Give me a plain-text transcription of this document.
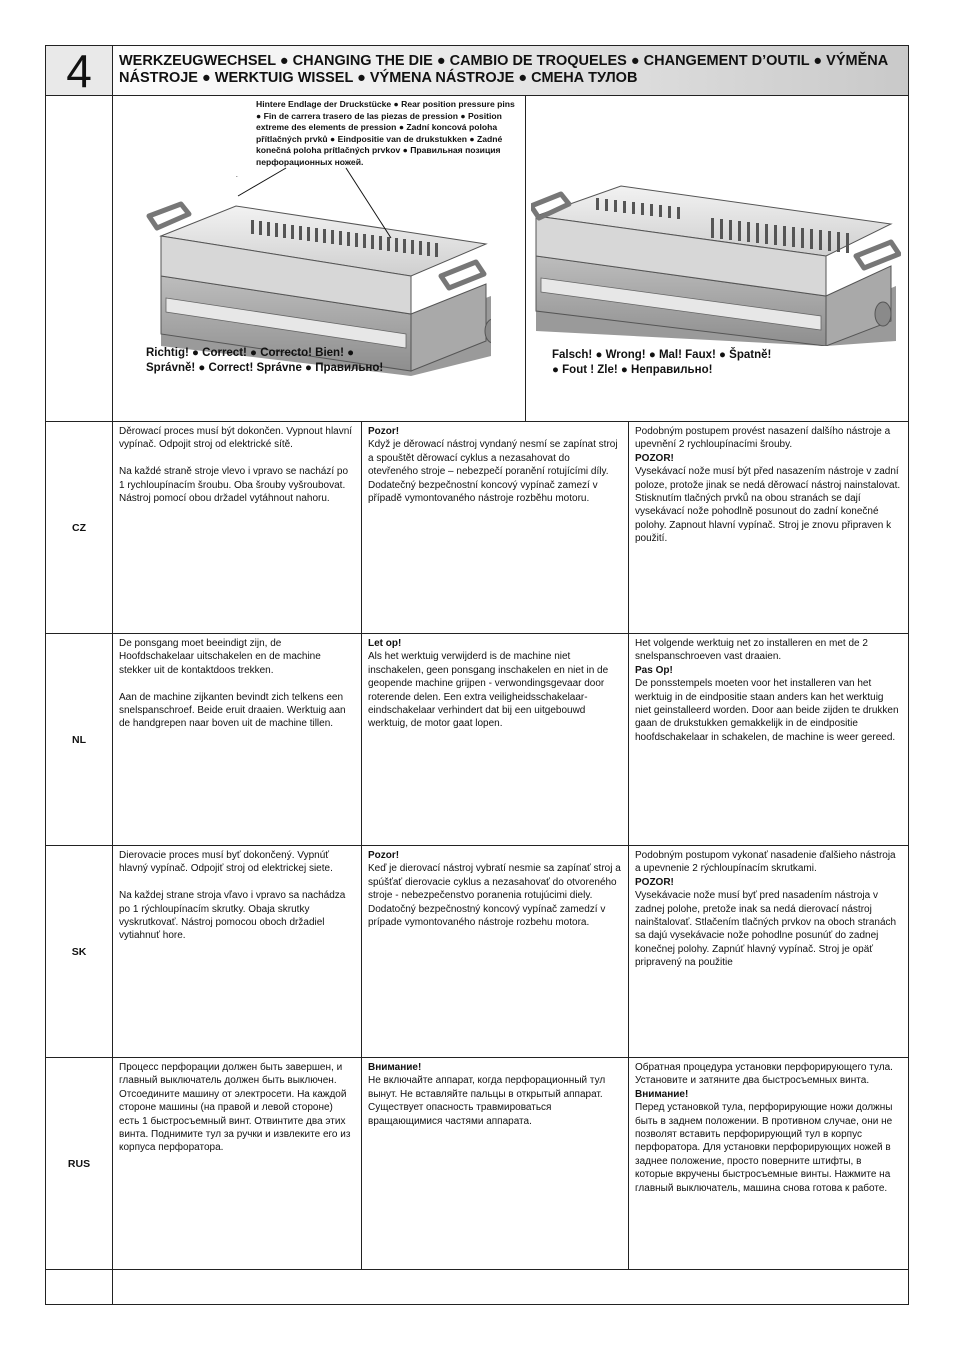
4 WERKZEUGWECHSEL ● CHANGING THE DIE ● CAMBIO DE TROQUELES ● CHANGEMENT D’OUTIL ● VÝMĚNA NÁSTROJE ● WERKTUIG WISSEL ● VÝMENA NÁSTROJE ● СМЕНА ТУЛОВ
Hintere Endlage der Druckstücke ● Rear position pressure pins ● Fin de carrera trasero de las piezas de pression ● Position extreme des elements de pression ● Zadní koncová poloha přítlačných prvků ● Eindpositie van de drukstukken ● Zadné konečná poloha prítlačných prvkov ● Правильная позиция перфорационных ножей.
Richtig! ● Correct! ● Correcto! Bien! ● Správně! ● Correct! Správne ● Правильно!
Falsch! ● Wrong! ● Mal! Faux! ● Špatně! ● Fout ! Zle! ● Неправильно!
CZ

Děrowací proces musí být dokončen. Vypnout hlavní vypínač. Odpojit stroj od elektrické sítě.

Na každé straně stroje vlevo i vpravo se nachází po 1 rychloupínacím šroubu. Oba šrouby vyšroubovat. Nástroj pomocí obou držadel vytáhnout nahoru.

Pozor!
Když je děrowací nástroj vyndaný nesmí se zapínat stroj a spouštět děrowací cyklus a nezasahovat do otevřeného stroje – nebezpečí poranění rotujícími díly. Dodatečný bezpečnostní koncový vypínač zamezí v případě vymontovaného nástroje rozběhu motoru.
Podobným postupem provést nasazení dalšího nástroje a upevnění 2 rychloupínacími šrouby.
POZOR!
Vysekávací nože musí být před nasazením nástroje v zadní poloze, protože jinak se nedá děrowací nástroj nainstalovat. Stisknutím tlačných prvků na obou stranách se dají vysekávací nože pohodlně posunout do zadní konečné polohy. Zapnout hlavní vypínač. Stroj je znovu připraven k použití.
NL

De ponsgang moet beeindigt zijn, de Hoofdschakelaar uitschakelen en de machine stekker uit de kontaktdoos trekken.

Aan de machine zijkanten bevindt zich telkens een snelspanschroef. Beide eruit draaien. Werktuig aan de handgrepen naar boven uit de machine tillen.

Let op!
Als het werktuig verwijderd is de machine niet inschakelen, geen ponsgang inschakelen en niet in de geopende machine grijpen - verwondingsgevaar door roterende delen. Een extra veiligheidsschakelaar- eindschakelaar verhindert dat bij een uitgebouwd werktuig, de motor gaat lopen.
Het volgende werktuig net zo installeren en met de 2 snelspanschroeven vast draaien.
Pas Op!
De ponsstempels moeten voor het installeren van het werktuig in de eindpositie staan anders kan het werktuig niet geinstalleerd worden. Door aan beide zijden te drukken gaan de drukstukken gemakkelijk in de eindpositie hoofdschakelaar in schakelen, de machine is weer gereed.
SK

Dierovacie proces musí byť dokončený. Vypnúť hlavný vypínač. Odpojiť stroj od elektrickej siete.

Na každej strane stroja vľavo i vpravo sa nachádza po 1 rýchloupínacím skrutky. Obaja skrutky vyskrutkovať. Nástroj pomocou oboch držadiel vytiahnuť hore.

Pozor!
Keď je dierovací nástroj vybratí nesmie sa zapínať stroj a spúšťať dierovacie cyklus a nezasahovať do otvoreného stroje - nebezpečenstvo poranenia rotujúcimi diely. Dodatočný bezpečnostný koncový vypínač zamedzí v prípade vymontovaného nástroje rozbehu motora.
Podobným postupom vykonať nasadenie ďalšieho nástroja a upevnenie 2 rýchloupínacím skrutkami.
POZOR!
Vysekávacie nože musí byť pred nasadením nástroja v zadnej polohe, pretože inak sa nedá dierovací nástroj nainštalovať. Stlačením tlačných prvkov na oboch stranách sa dajú vysekávacie nože pohodlne posunúť do zadnej konečnej polohy. Zapnúť hlavný vypínač. Stroj je opäť pripravený na použitie
RUS

Процесс перфорации должен быть завершен, и главный выключатель должен быть выключен. Отсоедините машину от электросети. На каждой стороне машины (на правой и левой стороне) есть 1 быстросъемный винт. Отвинтите два этих винта. Поднимите тул за ручки и извлеките его из корпуса перфоратора.

Внимание!
Не включайте аппарат, когда перфорационный тул вынут. Не вставляйте пальцы в открытый аппарат. Существует опасность травмироваться вращающимися частями аппарата.
Обратная процедура установки перфорирующего тула. Установите и затяните два быстросъемных винта.
Внимание!
Перед установкой тула, перфорирующие ножи должны быть в заднем положении. В противном случае, они не позволят вставить перфорирующий тул в корпус перфоратора. Для установки перфорирующих ножей в заднее положение, просто поверните штифты, в которые вкручены быстросъемные винты. Нажмите на главный выключатель, машина снова готова к работе.
